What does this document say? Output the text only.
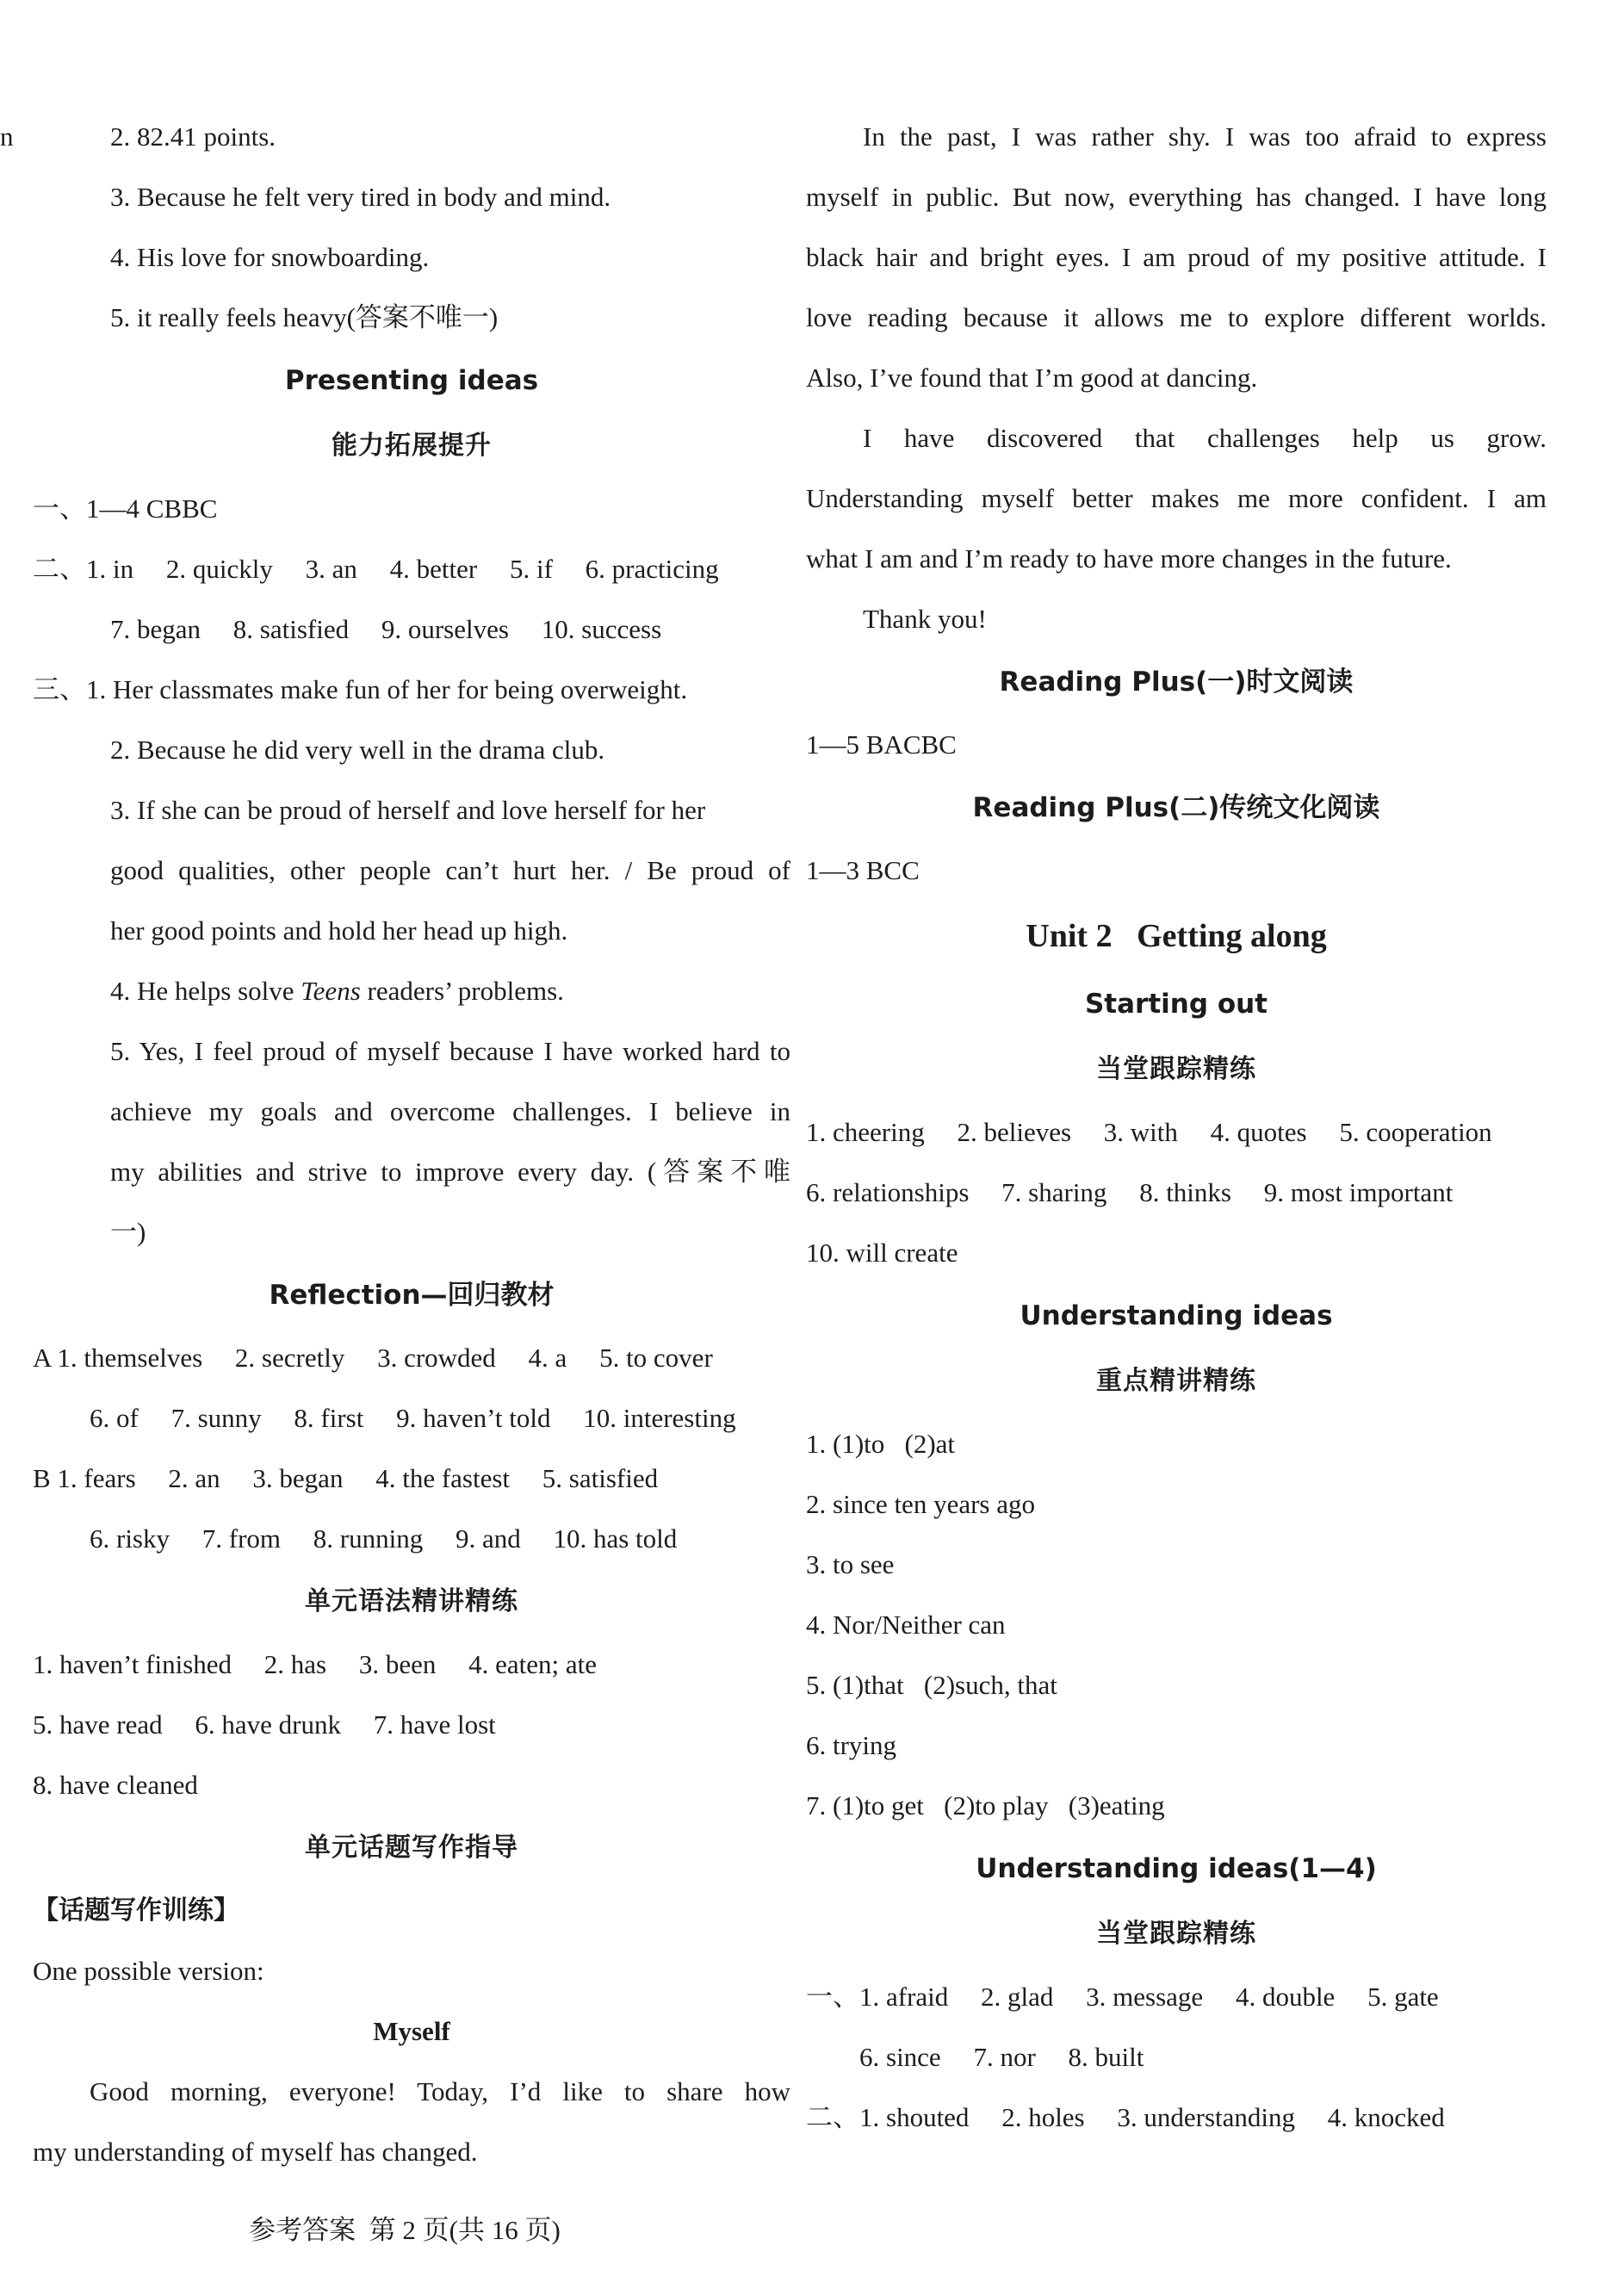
n	2. 82.41 points.
3. Because he felt very tired in body and mind.
4. His love for snowboarding.
5. it really feels heavy(答案不唯一)
Presenting ideas
能力拓展提升
一、1—4 CBBC
二、1. in 2. quickly 3. an 4. better 5. if 6. practicing
7. began 8. satisfied 9. ourselves 10. success
三、1. Her classmates make fun of her for being overweight.
2. Because he did very well in the drama club.
3. If she can be proud of herself and love herself for her
good qualities, other people can’t hurt her. / Be proud of
her good points and hold her head up high.
4. He helps solve Teens readers’ problems.
5. Yes, I feel proud of myself because I have worked hard to
achieve my goals and overcome challenges. I believe in
my abilities and strive to improve every day. (答案不唯
一)
Reflection—回归教材
A 1. themselves 2. secretly 3. crowded 4. a 5. to cover
6. of 7. sunny 8. first 9. haven’t told 10. interesting
B 1. fears 2. an 3. began 4. the fastest 5. satisfied
6. risky 7. from 8. running 9. and 10. has told
单元语法精讲精练
1. haven’t finished 2. has 3. been 4. eaten; ate
5. have read 6. have drunk 7. have lost
8. have cleaned
单元话题写作指导
【话题写作训练】
One possible version:
Myself
Good morning, everyone! Today, I’d like to share how
my understanding of myself has changed.
In the past, I was rather shy. I was too afraid to express
myself in public. But now, everything has changed. I have long
black hair and bright eyes. I am proud of my positive attitude. I
love reading because it allows me to explore different worlds.
Also, I’ve found that I’m good at dancing.
I have discovered that challenges help us grow.
Understanding myself better makes me more confident. I am
what I am and I’m ready to have more changes in the future.
Thank you!
Reading Plus(一)时文阅读
1—5 BACBC
Reading Plus(二)传统文化阅读
1—3 BCC
Unit 2   Getting along
Starting out
当堂跟踪精练
1. cheering 2. believes 3. with 4. quotes 5. cooperation
6. relationships 7. sharing 8. thinks 9. most important
10. will create
Understanding ideas
重点精讲精练
1. (1)to   (2)at
2. since ten years ago
3. to see
4. Nor/Neither can
5. (1)that   (2)such, that
6. trying
7. (1)to get   (2)to play   (3)eating
Understanding ideas(1—4)
当堂跟踪精练
一、1. afraid 2. glad 3. message 4. double 5. gate
6. since 7. nor 8. built
二、1. shouted 2. holes 3. understanding 4. knocked
参考答案  第 2 页(共 16 页)
